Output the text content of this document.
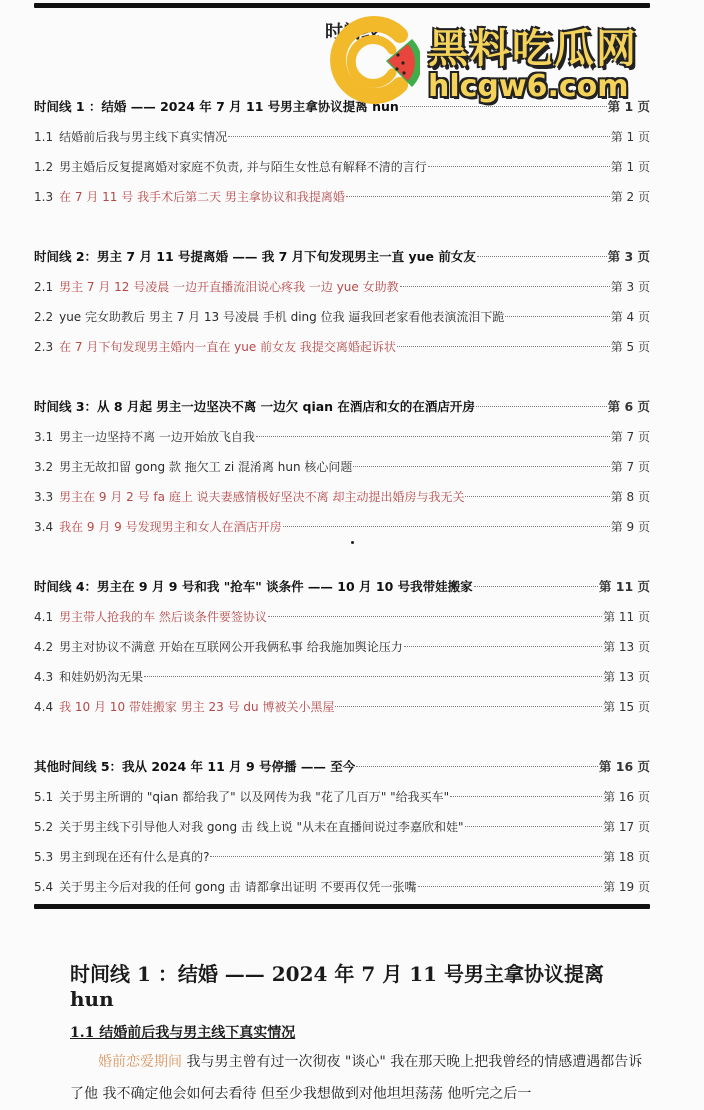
时间线
时间线 1 ：结婚 —— 2024 年 7 月 11 号男主拿协议提离 hun	第 1 页
1.1 结婚前后我与男主线下真实情况	第 1 页
1.2 男主婚后反复提离婚对家庭不负责, 并与陌生女性总有解释不清的言行	第 1 页
1.3 在 7 月 11 号 我手术后第二天 男主拿协议和我提离婚	第 2 页
时间线 2：男主 7 月 11 号提离婚 —— 我 7 月下旬发现男主一直 yue 前女友	第 3 页
2.1 男主 7 月 12 号凌晨 一边开直播流泪说心疼我 一边 yue 女助教	第 3 页
2.2 yue 完女助教后 男主 7 月 13 号凌晨 手机 ding 位我 逼我回老家看他表演流泪下跪	第 4 页
2.3 在 7 月下旬发现男主婚内一直在 yue 前女友 我提交离婚起诉状	第 5 页
时间线 3：从 8 月起 男主一边坚决不离 一边欠 qian 在酒店和女的在酒店开房	第 6 页
3.1 男主一边坚持不离 一边开始放飞自我	第 7 页
3.2 男主无故扣留 gong 款 拖欠工 zi 混淆离 hun 核心问题	第 7 页
3.3 男主在 9 月 2 号 fa 庭上 说夫妻感情极好坚决不离 却主动提出婚房与我无关	第 8 页
3.4 我在 9 月 9 号发现男主和女人在酒店开房	第 9 页
时间线 4：男主在 9 月 9 号和我 "抢车" 谈条件 —— 10 月 10 号我带娃搬家	第 11 页
4.1 男主带人抢我的车 然后谈条件要签协议	第 11 页
4.2 男主对协议不满意 开始在互联网公开我俩私事 给我施加舆论压力	第 13 页
4.3 和娃奶奶沟无果	第 13 页
4.4 我 10 月 10 带娃搬家 男主 23 号 du 博被关小黑屋	第 15 页
其他时间线 5：我从 2024 年 11 月 9 号停播 —— 至今	第 16 页
5.1 关于男主所谓的 "qian 都给我了" 以及网传为我 "花了几百万" "给我买车"	第 16 页
5.2 关于男主线下引导他人对我 gong 击 线上说 "从未在直播间说过李嘉欣和娃"	第 17 页
5.3 男主到现在还有什么是真的?	第 18 页
5.4 关于男主今后对我的任何 gong 击 请都拿出证明 不要再仅凭一张嘴	第 19 页
黑料吃瓜网
hlcgw6.com
时间线 1 ：结婚 —— 2024 年 7 月 11 号男主拿协议提离 hun
1.1 结婚前后我与男主线下真实情况
婚前恋爱期间 我与男主曾有过一次彻夜 "谈心" 我在那天晚上把我曾经的情感遭遇都告诉了他 我不确定他会如何去看待 但至少我想做到对他坦坦荡荡 他听完之后一
